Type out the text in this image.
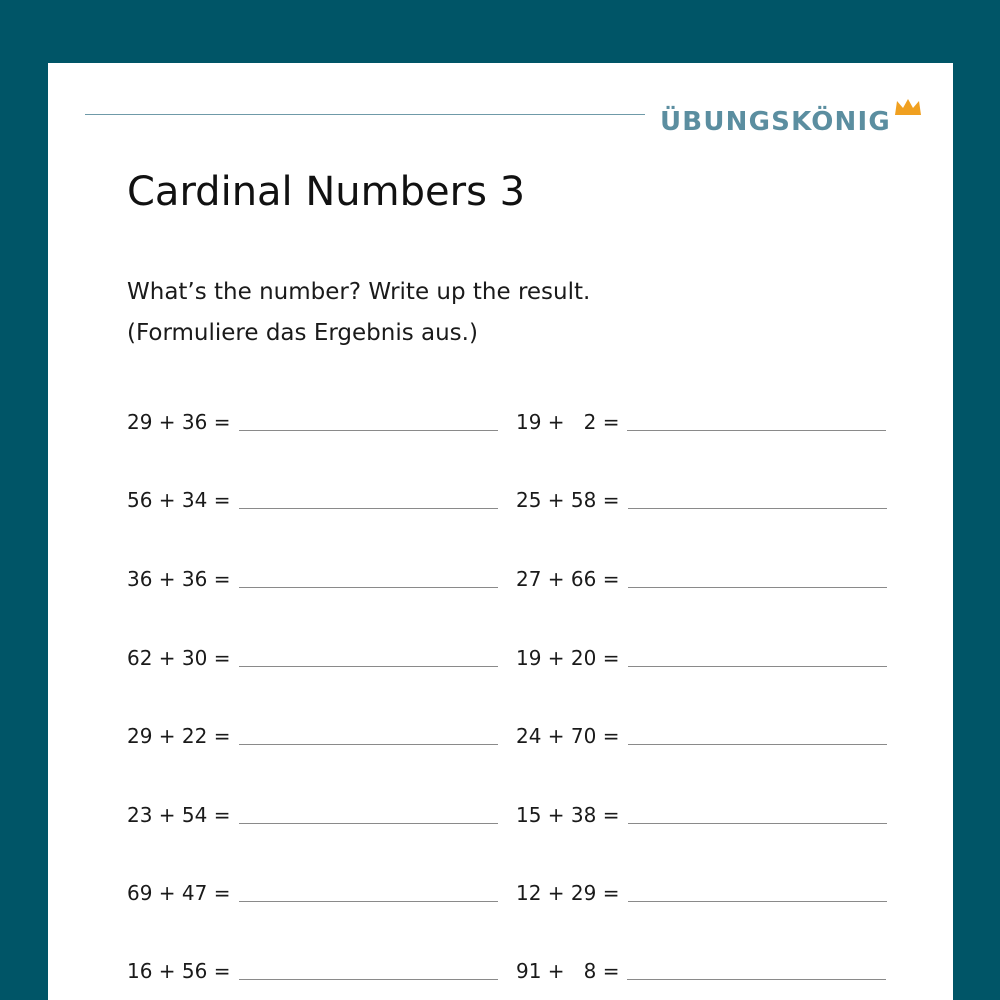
ÜBUNGSKÖNIG
Cardinal Numbers 3
What’s the number? Write up the result.
(Formuliere das Ergebnis aus.)
29 + 36 =
56 + 34 =
36 + 36 =
62 + 30 =
29 + 22 =
23 + 54 =
69 + 47 =
16 + 56 =
19 +   2 =
25 + 58 =
27 + 66 =
19 + 20 =
24 + 70 =
15 + 38 =
12 + 29 =
91 +   8 =
